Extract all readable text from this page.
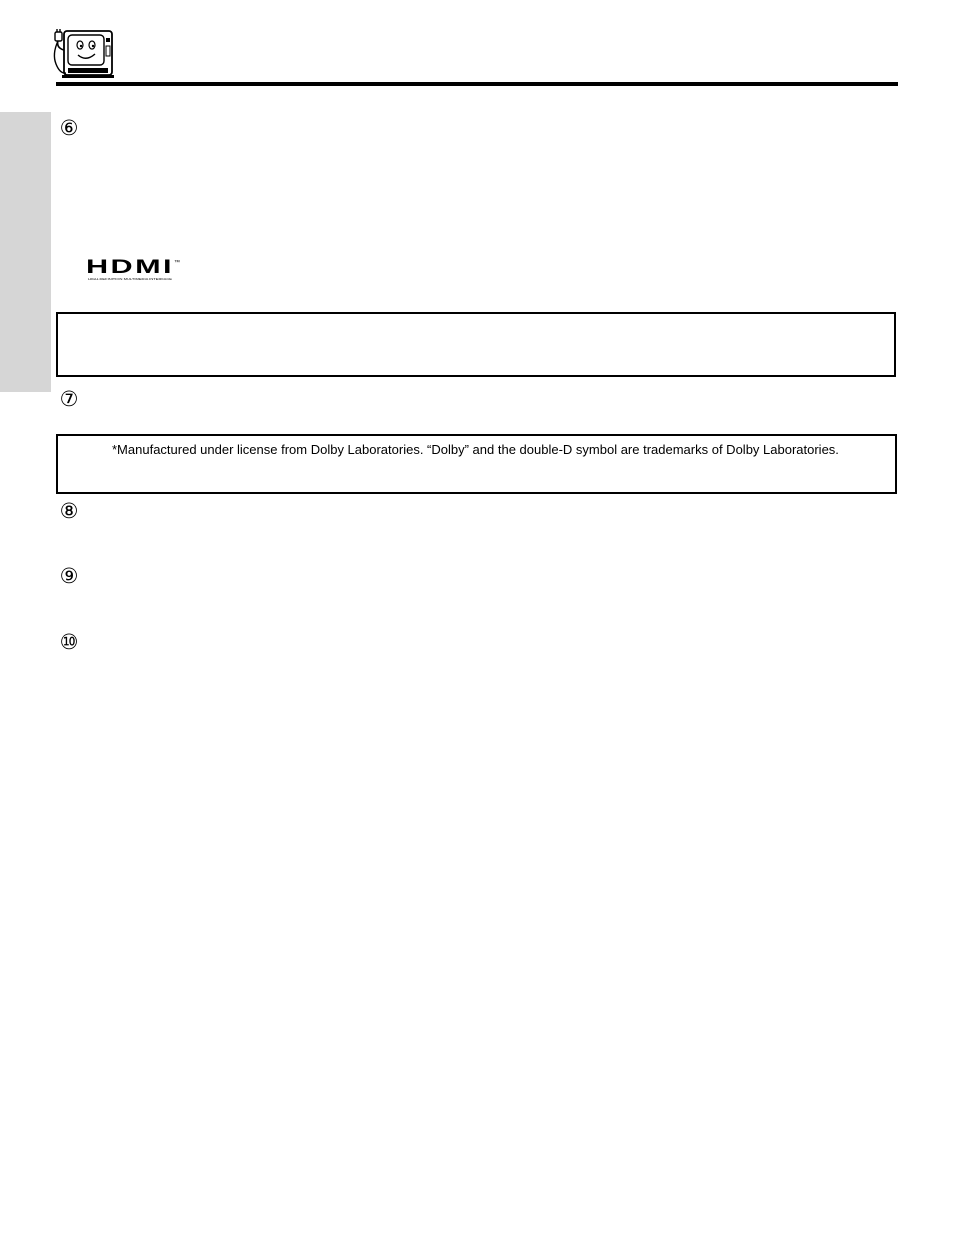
⑥
HDMI ™
HIGH-DEFINITION MULTIMEDIA INTERFACE
⑦
*Manufactured under license from Dolby Laboratories. “Dolby” and the double-D symbol are trademarks of Dolby Laboratories.
⑧
⑨
⑩
